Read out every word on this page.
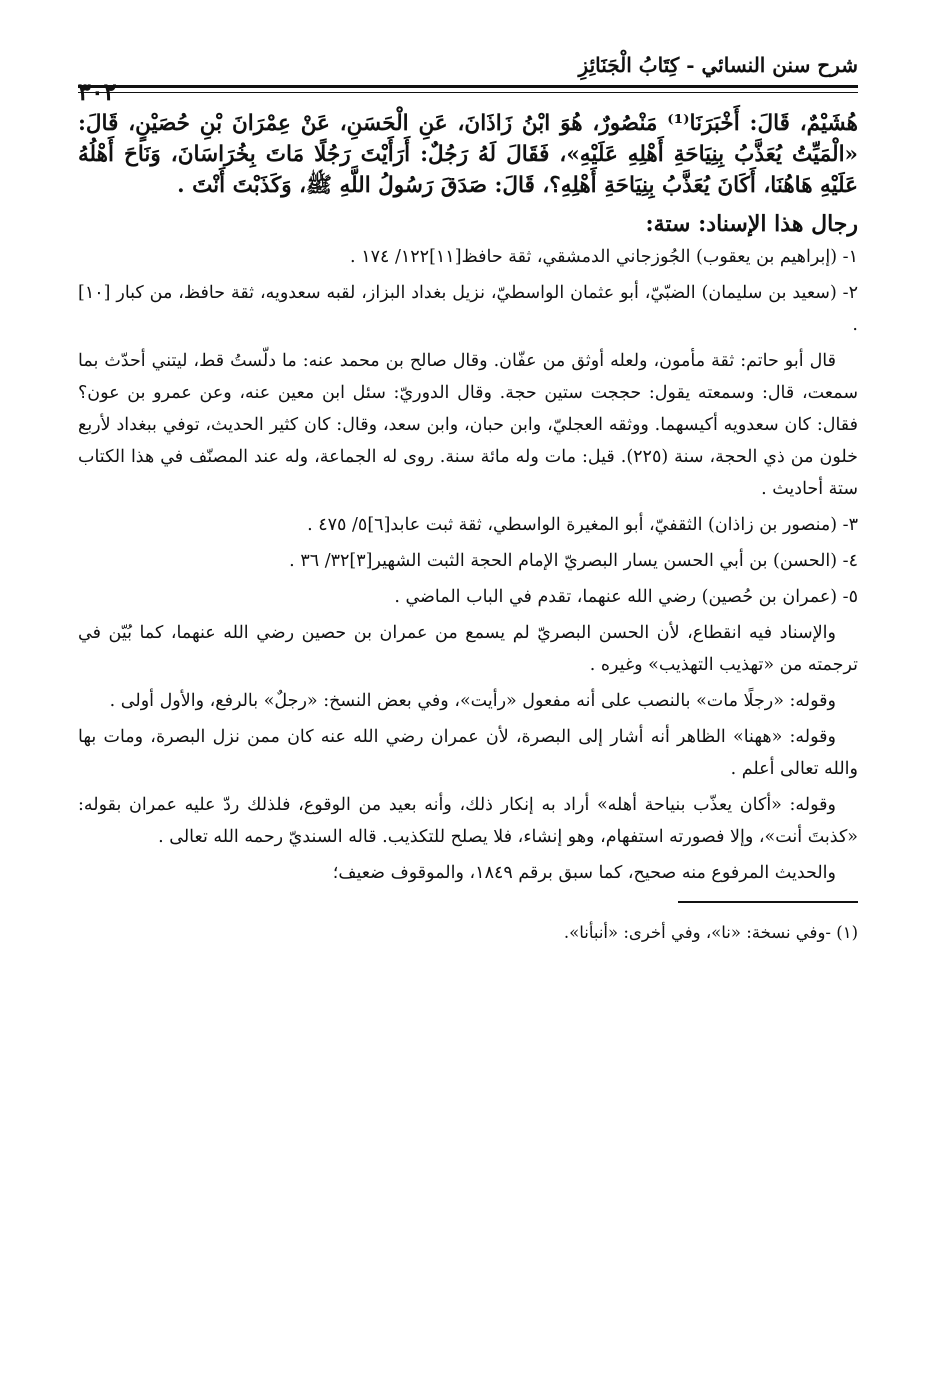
شرح سنن النسائي - كِتَابُ الْجَنَائِزِ
هُشَيْمٌ، قَالَ: أَخْبَرَنَا⁽¹⁾ مَنْصُورٌ، هُوَ ابْنُ زَاذَانَ، عَنِ الْحَسَنِ، عَنْ عِمْرَانَ بْنِ حُصَيْنٍ، قَالَ: «الْمَيِّتُ يُعَذَّبُ بِنِيَاحَةِ أَهْلِهِ عَلَيْهِ»، فَقَالَ لَهُ رَجُلٌ: أَرَأَيْتَ رَجُلًا مَاتَ بِخُرَاسَانَ، وَنَاحَ أَهْلُهُ عَلَيْهِ هَاهُنَا، أَكَانَ يُعَذَّبُ بِنِيَاحَةِ أَهْلِهِ؟، قَالَ: صَدَقَ رَسُولُ اللَّهِ ﷺ، وَكَذَبْتَ أَنْتَ .
رجال هذا الإسناد: ستة:

١- (إبراهيم بن يعقوب) الجُوزجاني الدمشقي، ثقة حافظ[١١]١٢٢/ ١٧٤ .

٢- (سعيد بن سليمان) الضبّيّ، أبو عثمان الواسطيّ، نزيل بغداد البزاز، لقبه سعدويه، ثقة حافظ، من كبار [١٠] .

قال أبو حاتم: ثقة مأمون، ولعله أوثق من عفّان. وقال صالح بن محمد عنه: ما دلّستُ قط، ليتني أحدّث بما سمعت، قال: وسمعته يقول: حججت ستين حجة. وقال الدوريّ: سئل ابن معين عنه، وعن عمرو بن عون؟ فقال: كان سعدويه أكيسهما. ووثقه العجليّ، وابن حبان، وابن سعد، وقال: كان كثير الحديث، توفي ببغداد لأربع خلون من ذي الحجة، سنة (٢٢٥). قيل: مات وله مائة سنة. روى له الجماعة، وله عند المصنّف في هذا الكتاب ستة أحاديث .

٣- (منصور بن زاذان) الثقفيّ، أبو المغيرة الواسطي، ثقة ثبت عابد[٦]٥/ ٤٧٥ .

٤- (الحسن) بن أبي الحسن يسار البصريّ الإمام الحجة الثبت الشهير[٣]٣٢/ ٣٦ .

٥- (عمران بن حُصين) رضي الله عنهما، تقدم في الباب الماضي .

والإسناد فيه انقطاع، لأن الحسن البصريّ لم يسمع من عمران بن حصين رضي الله عنهما، كما بُيّن في ترجمته من «تهذيب التهذيب» وغيره .

وقوله: «رجلًا مات» بالنصب على أنه مفعول «رأيت»، وفي بعض النسخ: «رجلٌ» بالرفع، والأول أولى .

وقوله: «ههنا» الظاهر أنه أشار إلى البصرة، لأن عمران رضي الله عنه كان ممن نزل البصرة، ومات بها والله تعالى أعلم .

وقوله: «أكان يعذّب بنياحة أهله» أراد به إنكار ذلك، وأنه بعيد من الوقوع، فلذلك ردّ عليه عمران بقوله: «كذبتَ أنت»، وإلا فصورته استفهام، وهو إنشاء، فلا يصلح للتكذيب. قاله السنديّ رحمه الله تعالى .

والحديث المرفوع منه صحيح، كما سبق برقم ١٨٤٩، والموقوف ضعيف؛

(١) -وفي نسخة: «نا»، وفي أخرى: «أنبأنا».
